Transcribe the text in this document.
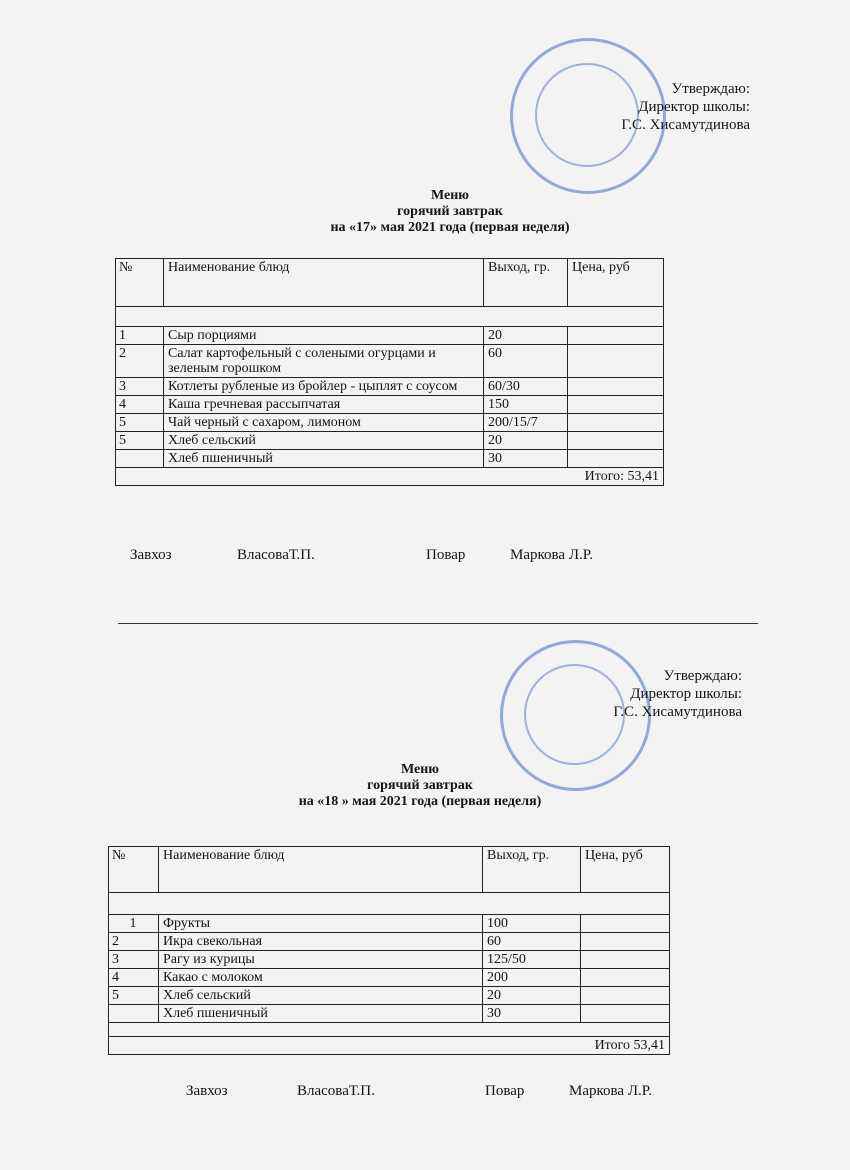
Утверждаю:
Директор школы:
Г.С. Хисамутдинова
Меню
горячий завтрак
на «17» мая 2021 года (первая неделя)
№	Наименование блюд	Выход, гр.	Цена, руб

1	Сыр порциями	20	
2	Салат картофельный с солеными огурцами и зеленым горошком	60	
3	Котлеты рубленые из бройлер - цыплят с соусом	60/30	
4	Каша гречневая рассыпчатая	150	
5	Чай черный с сахаром, лимоном	200/15/7	
5	Хлеб сельский	20	
	Хлеб пшеничный	30	
Итого: 53,41			
Завхоз	ВласоваТ.П.	Повар	Маркова Л.Р.
Утверждаю:
Директор школы:
Г.С. Хисамутдинова
Меню
горячий завтрак
на «18 » мая 2021 года (первая неделя)
№	Наименование блюд	Выход, гр.	Цена, руб

1	Фрукты	100	
2	Икра свекольная	60	
3	Рагу из курицы	125/50	
4	Какао с молоком	200	
5	Хлеб сельский	20	
	Хлеб пшеничный	30	

Итого 53,41			
Завхоз	ВласоваТ.П.	Повар	Маркова Л.Р.
